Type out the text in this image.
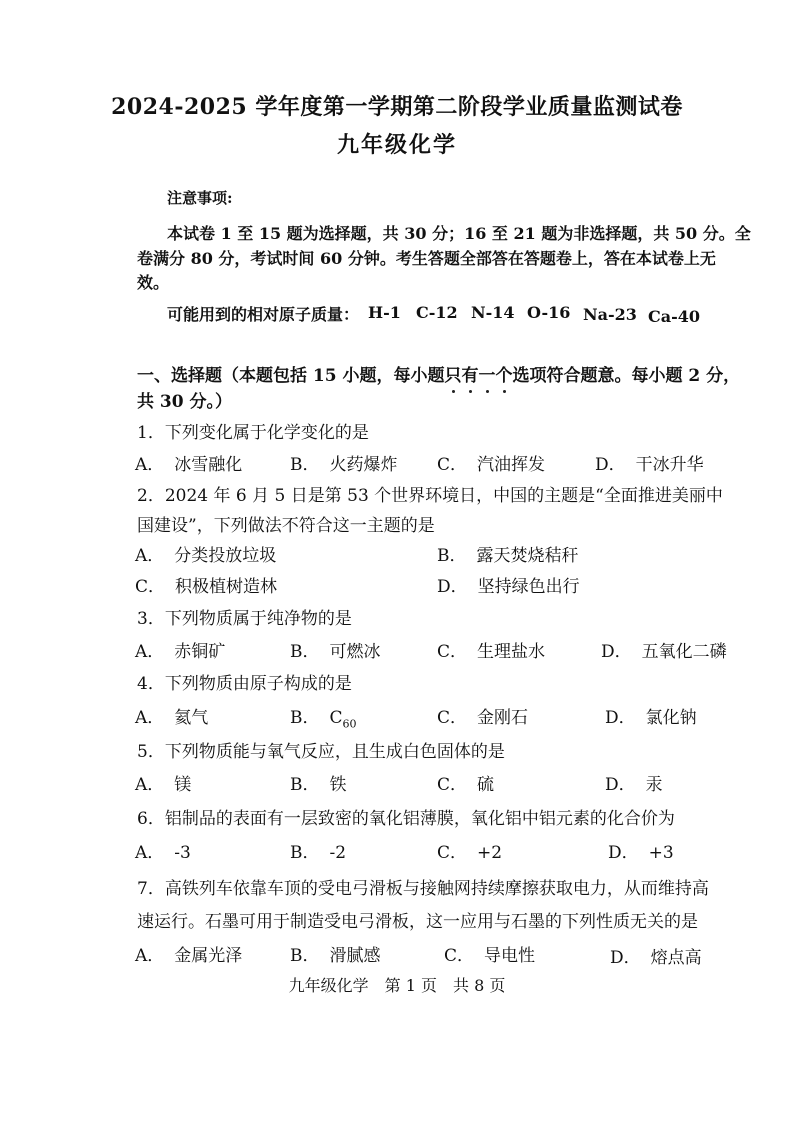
2024-2025 学年度第一学期第二阶段学业质量监测试卷
九年级化学
注意事项:
本试卷 1 至 15 题为选择题，共 30 分；16 至 21 题为非选择题，共 50 分。全
卷满分 80 分，考试时间 60 分钟。考生答题全部答在答题卷上，答在本试卷上无
效。
可能用到的相对原子质量： H-1 C-12 N-14 O-16 Na-23 Ca-40
一、选择题（本题包括 15 小题，每小题只有一个
选项符合题意。每小题 2 分，
共 30 分。）
1．下列变化属于化学变化的是
A． 冰雪融化	B． 火药爆炸 C． 汽油挥发	D． 干冰升华
2．2024 年 6 月 5 日是第 53 个世界环境日，中国的主题是“全面推进美丽中
国建设”，下列做法不符合这一主题的是
A． 分类投放垃圾	B． 露天焚烧秸秆
C． 积极植树造林	D． 坚持绿色出行
3．下列物质属于纯净物的是
A． 赤铜矿	B． 可燃冰	C． 生理盐水	D． 五氧化二磷
4．下列物质由原子构成的是
A． 氦气	B． $C_{60}$	C． 金刚石	D． 氯化钠
5．下列物质能与氧气反应，且生成白色固体的是
A． 镁	B． 铁	C． 硫	D． 汞
6．铝制品的表面有一层致密的氧化铝薄膜，氧化铝中铝元素的化合价为
A． -3	B． -2	C． +2	D． +3
7．高铁列车依靠车顶的受电弓滑板与接触网持续摩擦获取电力，从而维持高
速运行。石墨可用于制造受电弓滑板，这一应用与石墨的下列性质无关的是
A． 金属光泽	B． 滑腻感	C． 导电性	D． 熔点高
九年级化学　第 1 页　共 8 页
